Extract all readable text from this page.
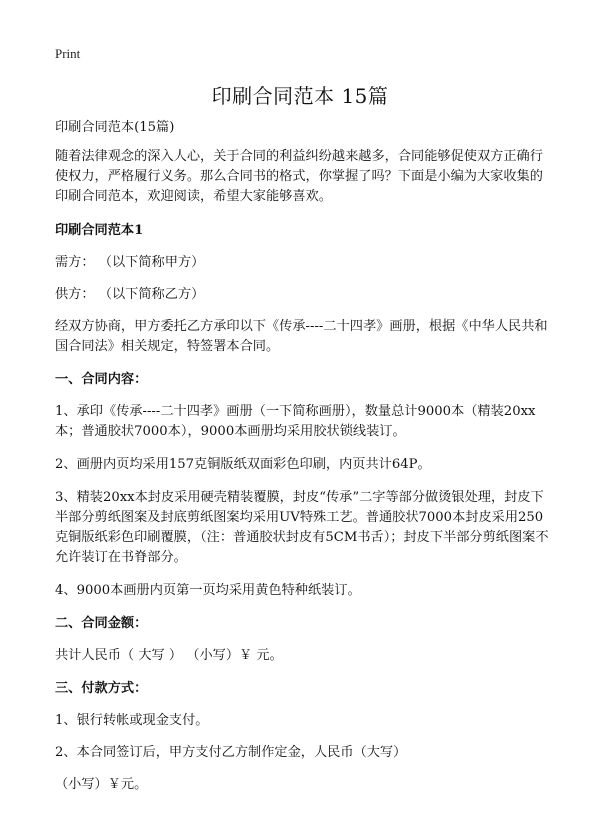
Print
印刷合同范本 15篇

印刷合同范本(15篇)

随着法律观念的深入人心，关于合同的利益纠纷越来越多，合同能够促使双方正确行使权力，严格履行义务。那么合同书的格式，你掌握了吗？下面是小编为大家收集的印刷合同范本，欢迎阅读，希望大家能够喜欢。

印刷合同范本1

需方： （以下简称甲方）

供方： （以下简称乙方）

经双方协商，甲方委托乙方承印以下《传承----二十四孝》画册，根据《中华人民共和国合同法》相关规定，特签署本合同。

一、合同内容：

1、承印《传承----二十四孝》画册（一下简称画册），数量总计9000本（精装20xx本；普通胶状7000本），9000本画册均采用胶状锁线装订。

2、画册内页均采用157克铜版纸双面彩色印刷，内页共计64P。

3、精装20xx本封皮采用硬壳精装覆膜，封皮“传承”二字等部分做烫银处理，封皮下半部分剪纸图案及封底剪纸图案均采用UV特殊工艺。普通胶状7000本封皮采用250克铜版纸彩色印刷覆膜，（注：普通胶状封皮有5CM书舌）；封皮下半部分剪纸图案不允许装订在书脊部分。

4、9000本画册内页第一页均采用黄色特种纸装订。

二、合同金额：

共计人民币（ 大写 ） （小写）￥ 元。

三、付款方式：

1、银行转帐或现金支付。

2、本合同签订后，甲方支付乙方制作定金，人民币（大写）

（小写）￥元。
